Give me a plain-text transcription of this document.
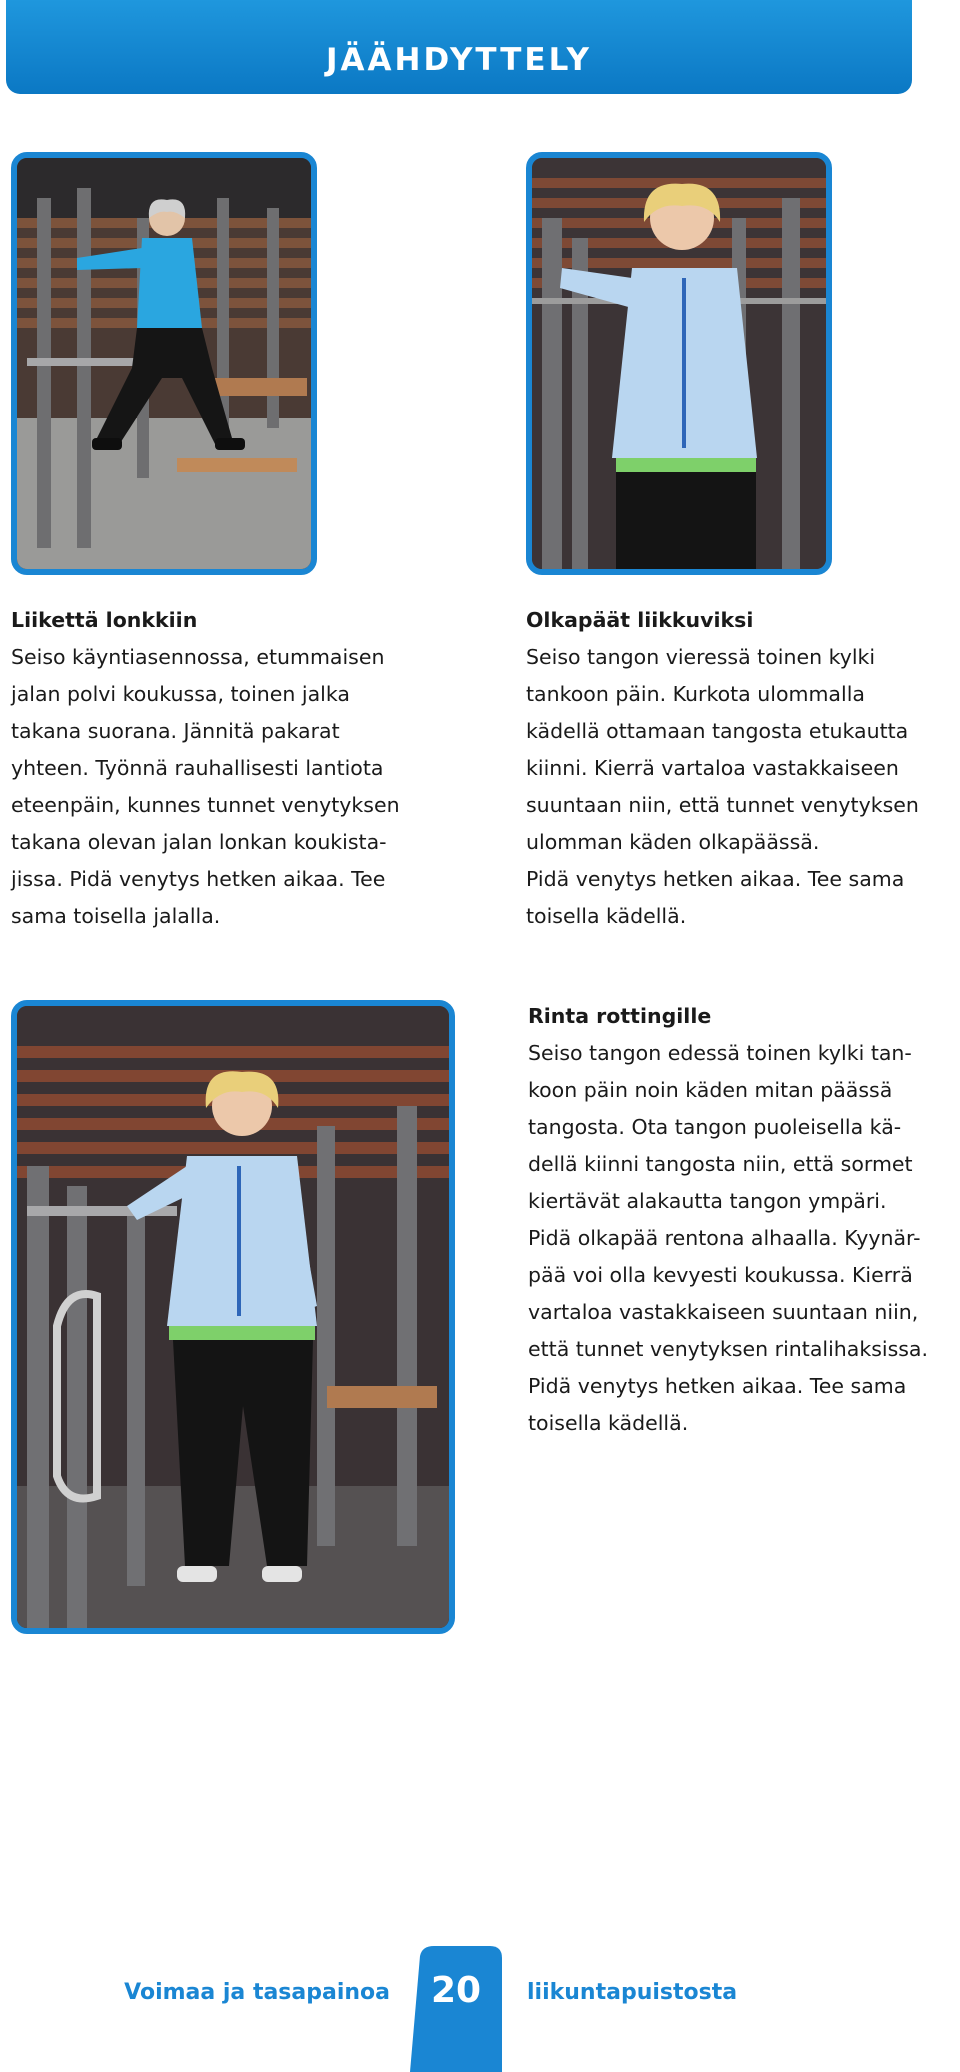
JÄÄHDYTTELY
Liikettä lonkkiin
Seiso käyntiasennossa, etummaisen
jalan polvi koukussa, toinen jalka
takana suorana. Jännitä pakarat
yhteen. Työnnä rauhallisesti lantiota
eteenpäin, kunnes tunnet venytyksen
takana olevan jalan lonkan koukista-
jissa. Pidä venytys hetken aikaa. Tee
sama toisella jalalla.
Olkapäät liikkuviksi
Seiso tangon vieressä toinen kylki
tankoon päin. Kurkota ulommalla
kädellä ottamaan tangosta etukautta
kiinni. Kierrä vartaloa vastakkaiseen
suuntaan niin, että tunnet venytyksen
ulomman käden olkapäässä.
Pidä venytys hetken aikaa. Tee sama
toisella kädellä.
Rinta rottingille
Seiso tangon edessä toinen kylki tan-
koon päin noin käden mitan päässä
tangosta. Ota tangon puoleisella kä-
dellä kiinni tangosta niin, että sormet
kiertävät alakautta tangon ympäri.
Pidä olkapää rentona alhaalla. Kyynär-
pää voi olla kevyesti koukussa. Kierrä
vartaloa vastakkaiseen suuntaan niin,
että tunnet venytyksen rintalihaksissa.
Pidä venytys hetken aikaa. Tee sama
toisella kädellä.
Voimaa ja tasapainoa	20	liikuntapuistosta
